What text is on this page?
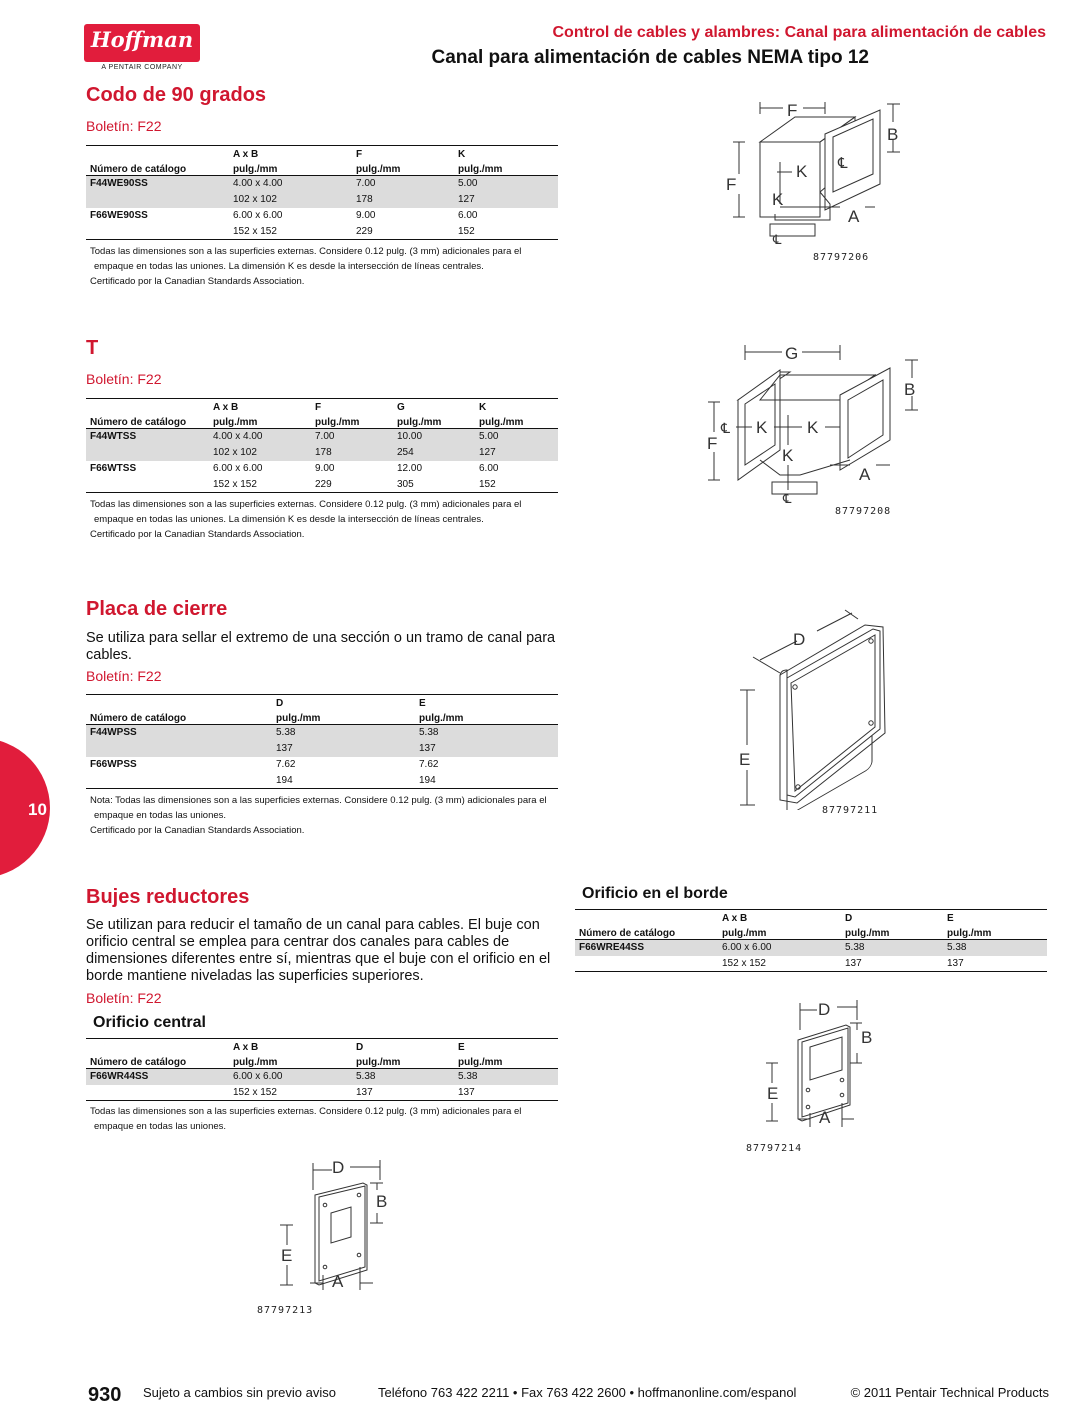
Hoffman
A PENTAIR COMPANY
Control de cables y alambres: Canal para alimentación de cables
Canal para alimentación de cables NEMA tipo 12
Codo de 90 grados
Boletín: F22
	A x B	F	K
Número de catálogo	pulg./mm	pulg./mm	pulg./mm
F44WE90SS	4.00 x 4.00	7.00	5.00
	102 x 102	178	127
F66WE90SS	6.00 x 6.00	9.00	6.00
	152 x 152	229	152
Todas las dimensiones son a las superficies externas. Considere 0.12 pulg. (3 mm) adicionales para el
empaque en todas las uniones. La dimensión K es desde la intersección de líneas centrales.
Certificado por la Canadian Standards Association.
F
F
K
K
B
A
℄
℄
87797206
T
Boletín: F22
	A x B	F	G	K
Número de catálogo	pulg./mm	pulg./mm	pulg./mm	pulg./mm
F44WTSS	4.00 x 4.00	7.00	10.00	5.00
	102 x 102	178	254	127
F66WTSS	6.00 x 6.00	9.00	12.00	6.00
	152 x 152	229	305	152
Todas las dimensiones son a las superficies externas. Considere 0.12 pulg. (3 mm) adicionales para el
empaque en todas las uniones. La dimensión K es desde la intersección de líneas centrales.
Certificado por la Canadian Standards Association.
G
F
K K
K
B
A
℄
℄
87797208
Placa de cierre
Se utiliza para sellar el extremo de una sección o un tramo de canal para cables.
Boletín: F22
	D	E
Número de catálogo	pulg./mm	pulg./mm
F44WPSS	5.38	5.38
	137	137
F66WPSS	7.62	7.62
	194	194
Nota: Todas las dimensiones son a las superficies externas. Considere 0.12 pulg. (3 mm) adicionales para el
empaque en todas las uniones.
Certificado por la Canadian Standards Association.
D
E
87797211
10
Bujes reductores
Se utilizan para reducir el tamaño de un canal para cables. El buje con orificio central se emplea para centrar dos canales para cables de dimensiones diferentes entre sí, mientras que el buje con el orificio en el borde mantiene niveladas las superficies superiores.
Boletín: F22
Orificio central
	A x B	D	E
Número de catálogo	pulg./mm	pulg./mm	pulg./mm
F66WR44SS	6.00 x 6.00	5.38	5.38
	152 x 152	137	137
Todas las dimensiones son a las superficies externas. Considere 0.12 pulg. (3 mm) adicionales para el
empaque en todas las uniones.
D
B
E
A
87797213
Orificio en el borde
	A x B	D	E
Número de catálogo	pulg./mm	pulg./mm	pulg./mm
F66WRE44SS	6.00 x 6.00	5.38	5.38
	152 x 152	137	137
D
B
E
A
87797214
930 Sujeto a cambios sin previo aviso	Teléfono 763 422 2211 • Fax 763 422 2600 • hoffmanonline.com/espanol	© 2011 Pentair Technical Products
